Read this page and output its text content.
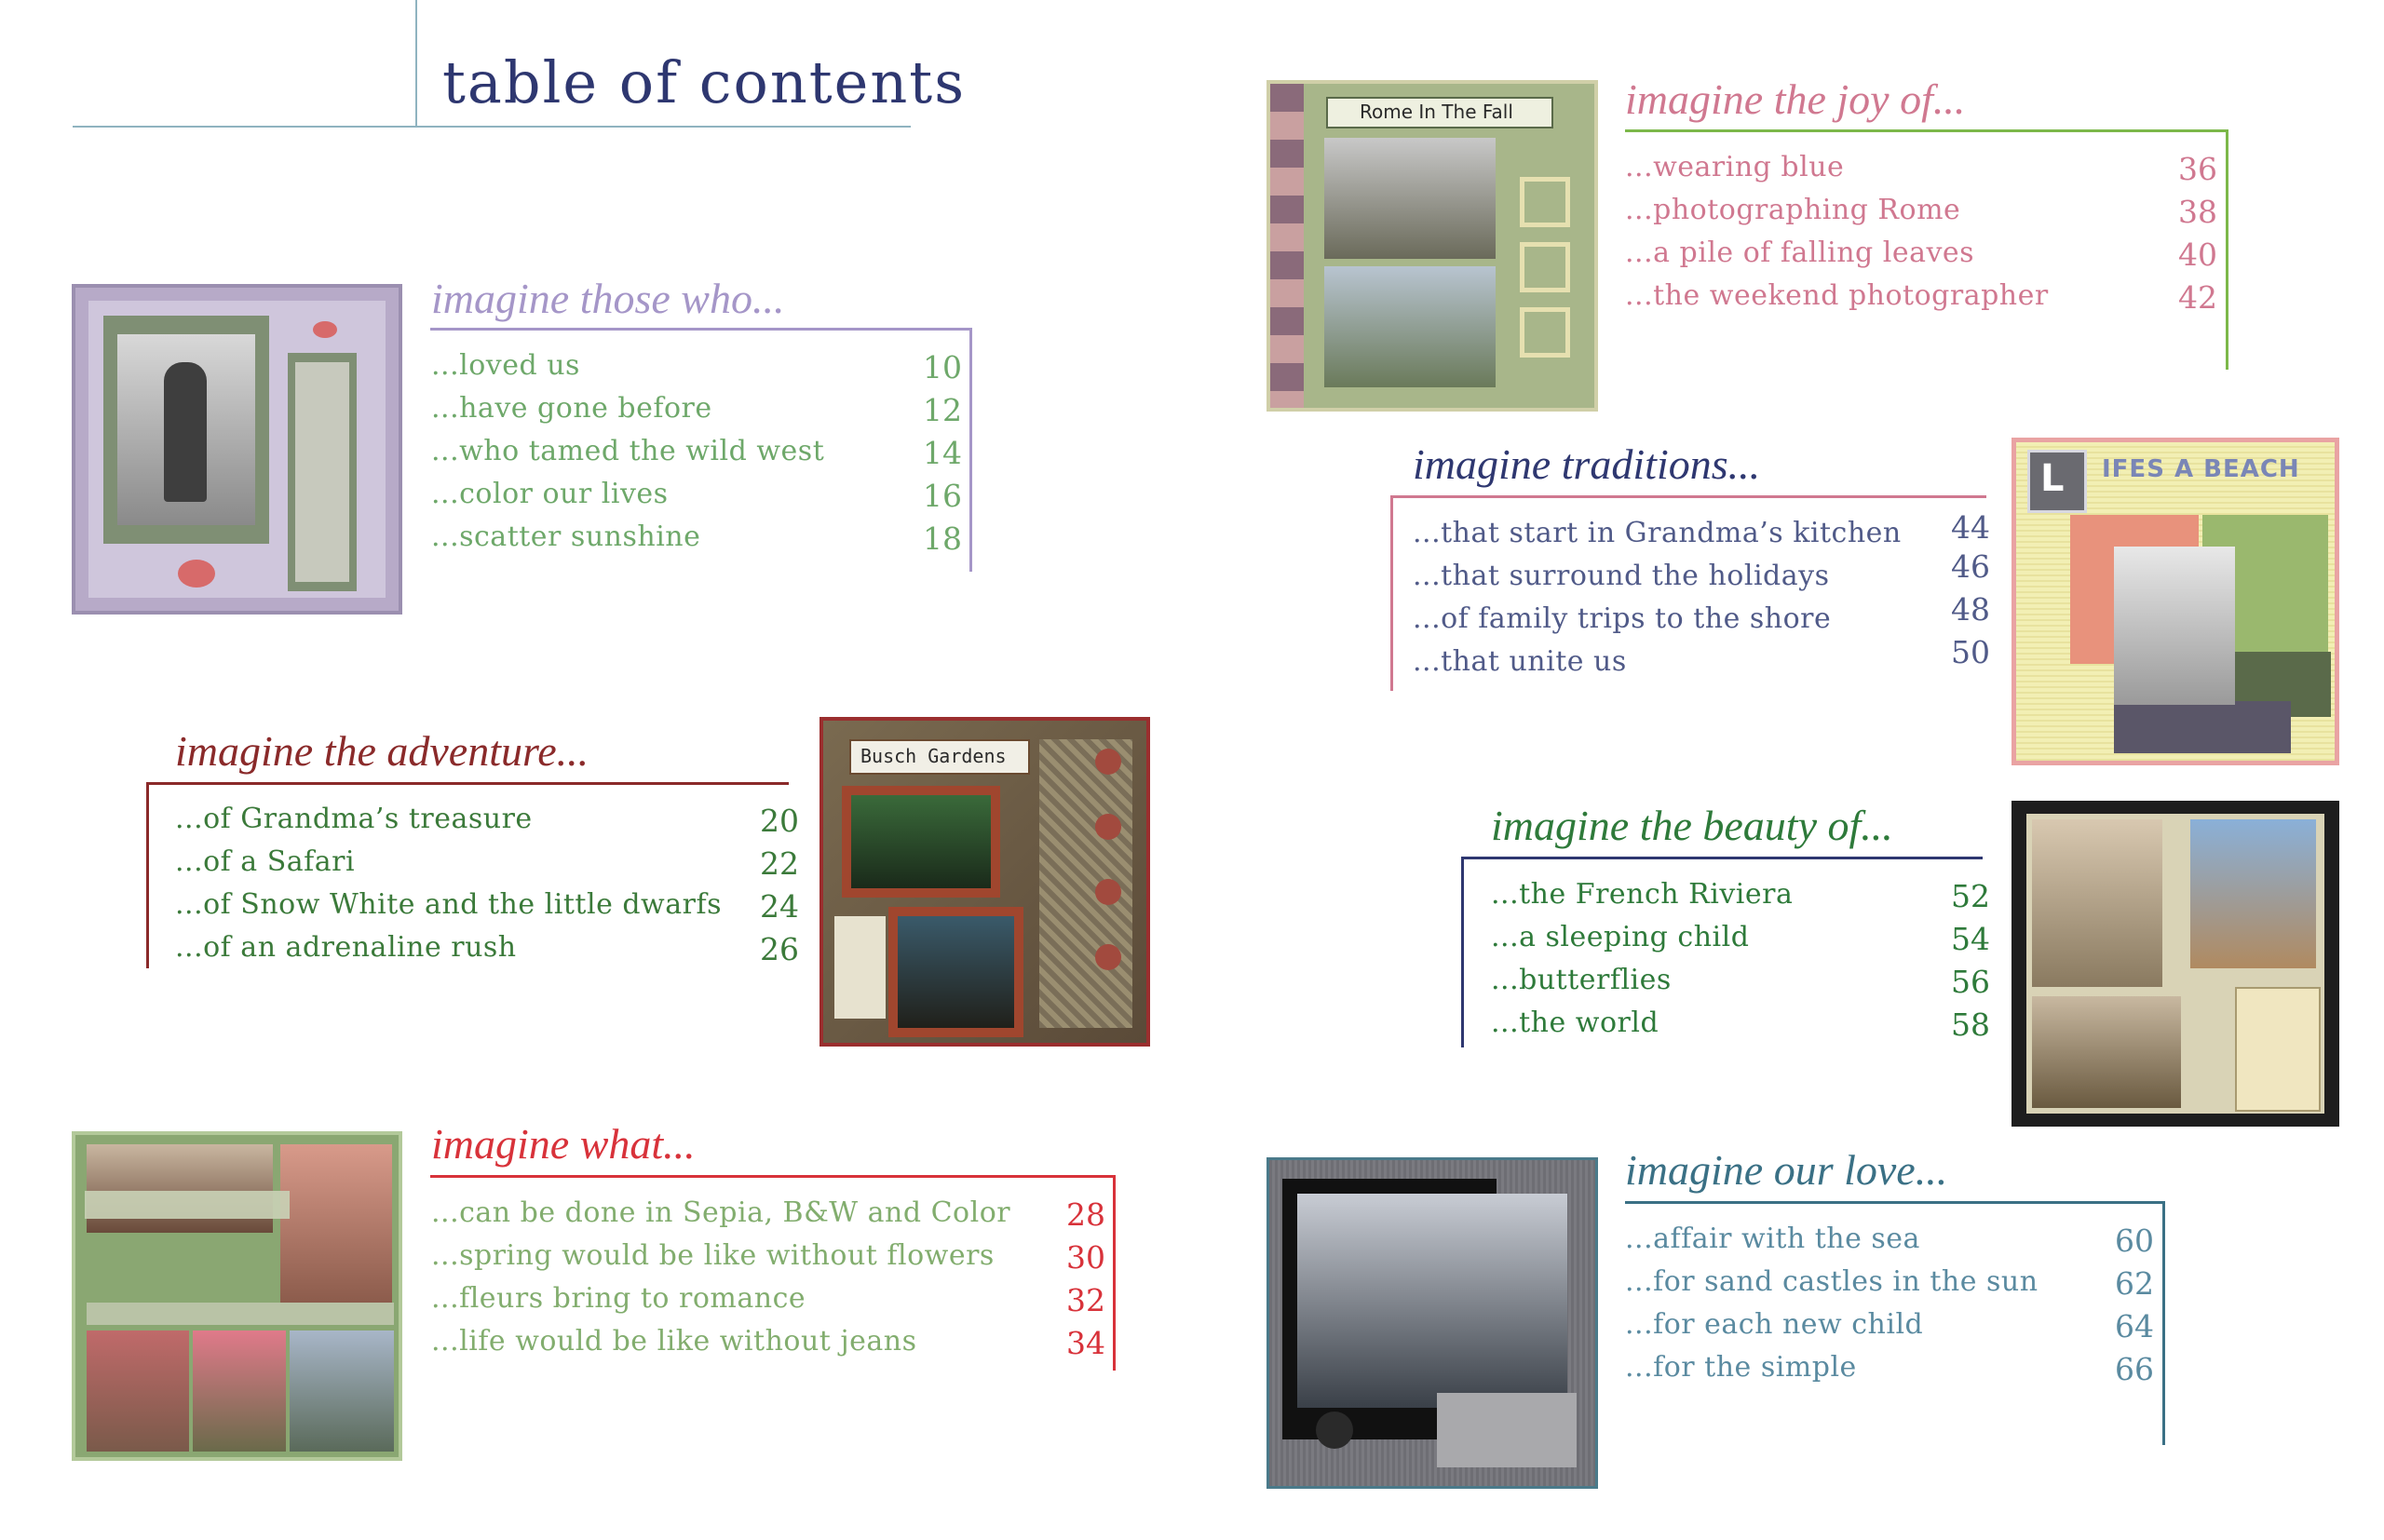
table of contents
imagine those who...
...loved us	10
...have gone before	12
...who tamed the wild west	14
...color our lives	16
...scatter sunshine	18
imagine the adventure...
...of Grandma’s treasure	20
...of a Safari	22
...of Snow White and the little dwarfs	24
...of an adrenaline rush	26
Busch Gardens
imagine what...
...can be done in Sepia, B&W and Color	28
...spring would be like without flowers	30
...fleurs bring to romance	32
...life would be like without jeans	34
Rome In The Fall	imagine the joy of...
...wearing blue	36
...photographing Rome	38
...a pile of falling leaves	40
...the weekend photographer	42
imagine traditions...
...that start in Grandma’s kitchen	44
...that surround the holidays	46
...of family trips to the shore	48
...that unite us	50
L IFES A BEACH
imagine the beauty of...
...the French Riviera	52
...a sleeping child	54
...butterflies	56
...the world	58
imagine our love...
...affair with the sea	60
...for sand castles in the sun	62
...for each new child	64
...for the simple	66
